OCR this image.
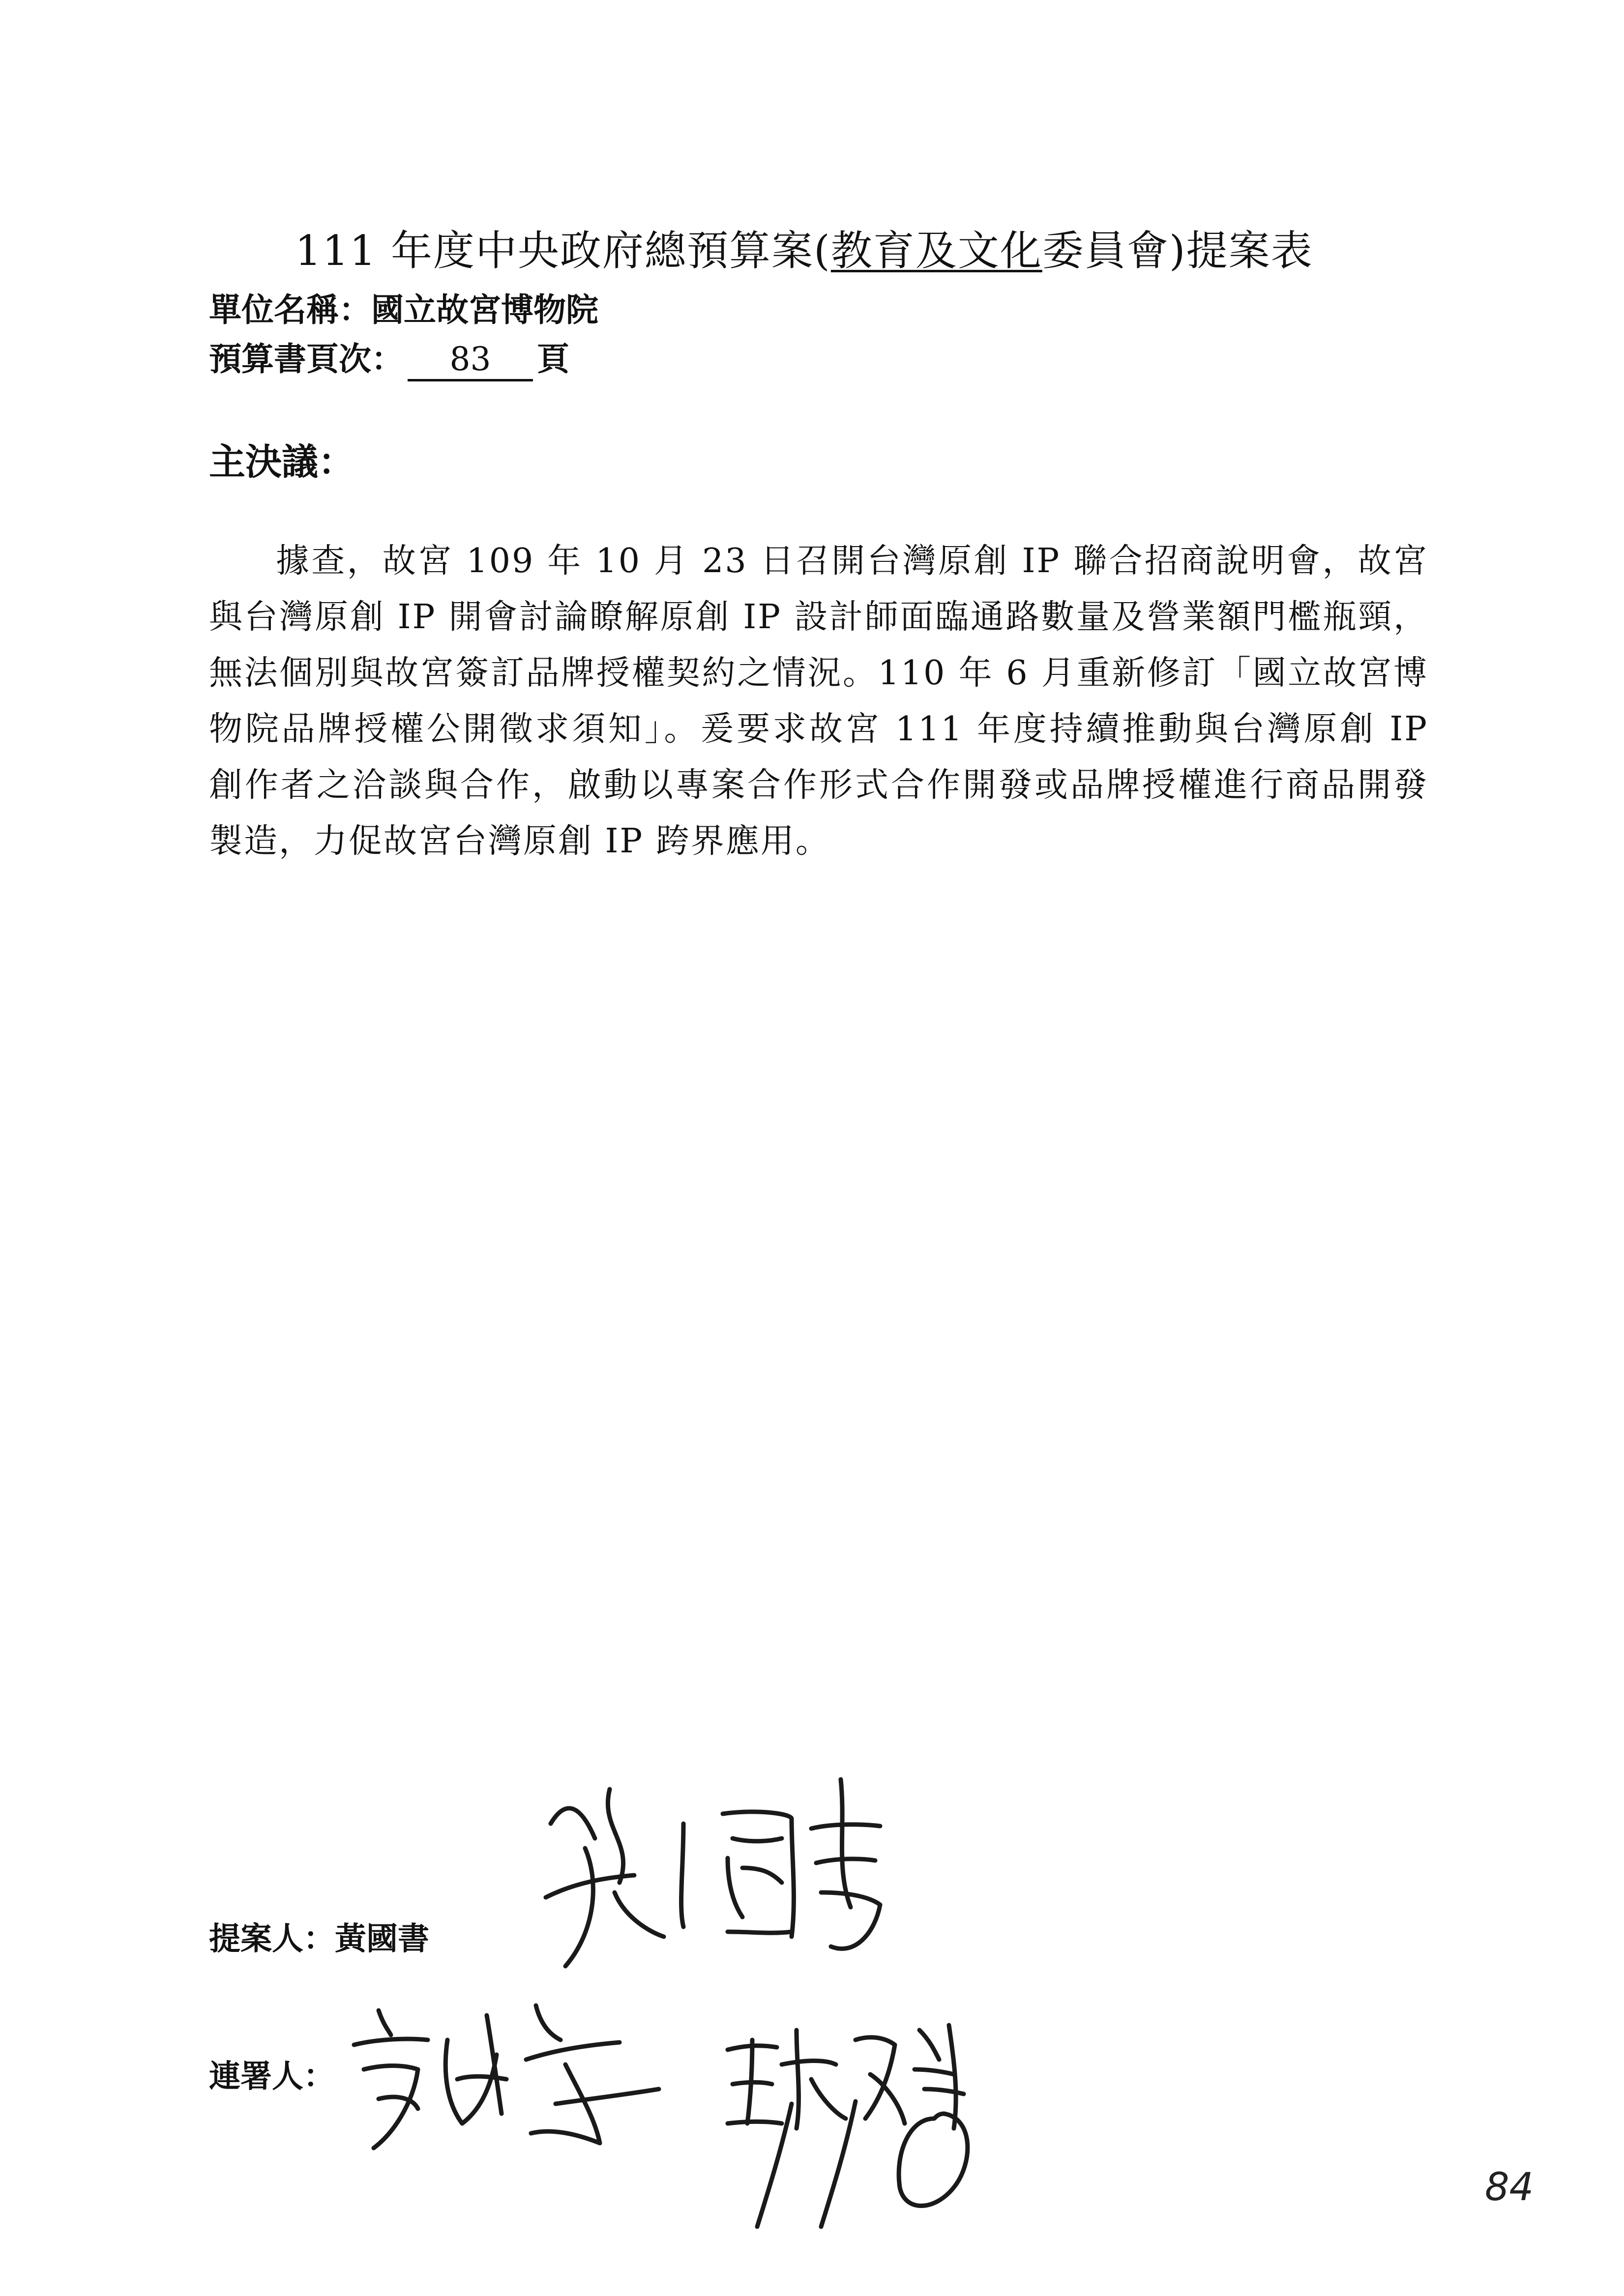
111 年度中央政府總預算案(教育及文化委員會)提案表
單位名稱：國立故宮博物院
預算書頁次： 83 頁
主決議：
據查，故宮 109 年 10 月 23 日召開台灣原創 IP 聯合招商說明會，故宮與台灣原創 IP 開會討論瞭解原創 IP 設計師面臨通路數量及營業額門檻瓶頸，無法個別與故宮簽訂品牌授權契約之情況。110 年 6 月重新修訂「國立故宮博物院品牌授權公開徵求須知」。爰要求故宮 111 年度持續推動與台灣原創 IP 創作者之洽談與合作，啟動以專案合作形式合作開發或品牌授權進行商品開發製造，力促故宮台灣原創 IP 跨界應用。
提案人：黃國書
連署人：
84
